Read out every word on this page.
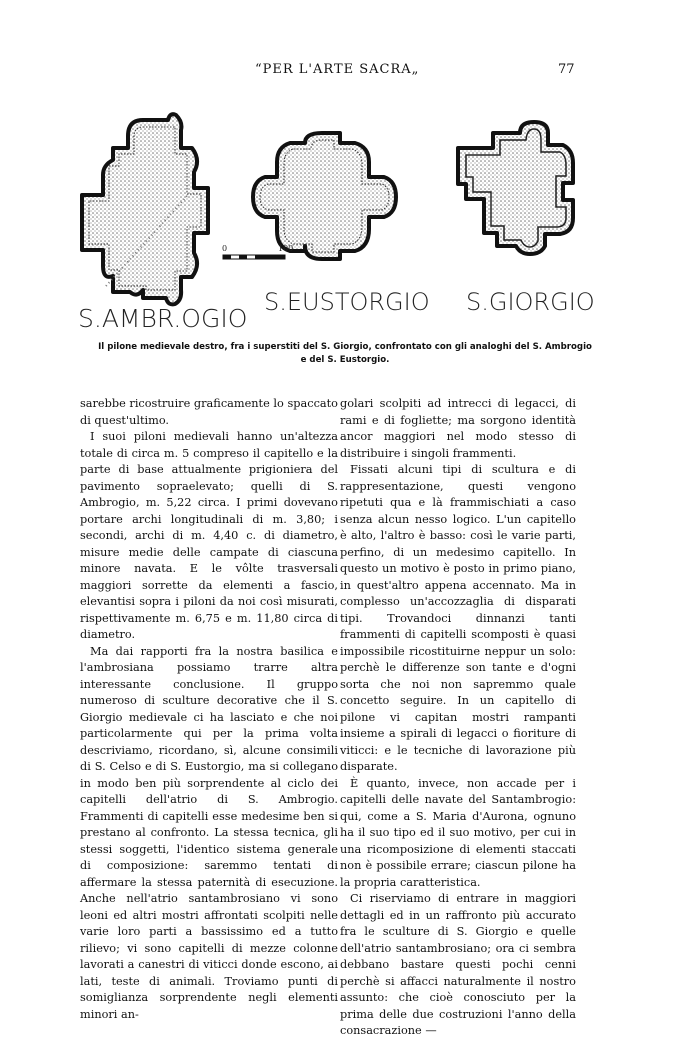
“PER L'ARTE SACRA„	77
0	100
S.AMBR.OGIO
S.EUSTORGIO S.GIORGIO
Il pilone medievale destro, fra i superstiti del S. Giorgio, confrontato con gli analoghi del S. Ambrogio
e del S. Eustorgio.

sarebbe ricostruire graficamente lo spaccato di quest'ultimo.

I suoi piloni medievali hanno un'altezza totale di circa m. 5 compreso il capitello e la parte di base attualmente prigioniera del pavimento sopraelevato; quelli di S. Ambrogio, m. 5,22 circa. I primi dovevano portare archi longitudinali di m. 3,80; i secondi, archi di m. 4,40 c. di diametro, misure medie delle campate di ciascuna minore navata. E le vôlte trasversali maggiori sorrette da elementi a fascio, elevantisi sopra i piloni da noi così misurati, rispettivamente m. 6,75 e m. 11,80 circa di diametro.

Ma dai rapporti fra la nostra basilica e l'ambrosiana possiamo trarre altra interessante conclusione. Il gruppo numeroso di sculture decorative che il S. Giorgio medievale ci ha lasciato e che noi particolarmente qui per la prima volta descriviamo, ricordano, sì, alcune consimili di S. Celso e di S. Eustorgio, ma si collegano in modo ben più sorprendente al ciclo dei capitelli dell'atrio di S. Ambrogio. Frammenti di capitelli esse medesime ben si prestano al confronto. La stessa tecnica, gli stessi soggetti, l'identico sistema generale di composizione: saremmo tentati di affermare la stessa paternità di esecuzione. Anche nell'atrio santambrosiano vi sono leoni ed altri mostri affrontati scolpiti nelle varie loro parti a bassissimo ed a tutto rilievo; vi sono capitelli di mezze colonne lavorati a canestri di viticci donde escono, ai lati, teste di animali. Troviamo punti di somiglianza sorprendente negli elementi minori an-

golari scolpiti ad intrecci di legacci, di rami e di fogliette; ma sorgono identità ancor maggiori nel modo stesso di distribuire i singoli frammenti.

Fissati alcuni tipi di scultura e di rappresentazione, questi vengono ripetuti qua e là frammischiati a caso senza alcun nesso logico. L'un capitello è alto, l'altro è basso: così le varie parti, perfino, di un medesimo capitello. In questo un motivo è posto in primo piano, in quest'altro appena accennato. Ma in complesso un'accozzaglia di disparati tipi. Trovandoci dinnanzi tanti frammenti di capitelli scomposti è quasi impossibile ricostituirne neppur un solo: perchè le differenze son tante e d'ogni sorta che noi non sapremmo quale concetto seguire. In un capitello di pilone vi capitan mostri rampanti insieme a spirali di legacci o fioriture di viticci: e le tecniche di lavorazione più disparate.

È quanto, invece, non accade per i capitelli delle navate del Santambrogio: qui, come a S. Maria d'Aurona, ognuno ha il suo tipo ed il suo motivo, per cui in una ricomposizione di elementi staccati non è possibile errare; ciascun pilone ha la propria caratteristica.

Ci riserviamo di entrare in maggiori dettagli ed in un raffronto più accurato fra le sculture di S. Giorgio e quelle dell'atrio santambrosiano; ora ci sembra debbano bastare questi pochi cenni perchè si affacci naturalmente il nostro assunto: che cioè conosciuto per la prima delle due costruzioni l'anno della consacrazione —
